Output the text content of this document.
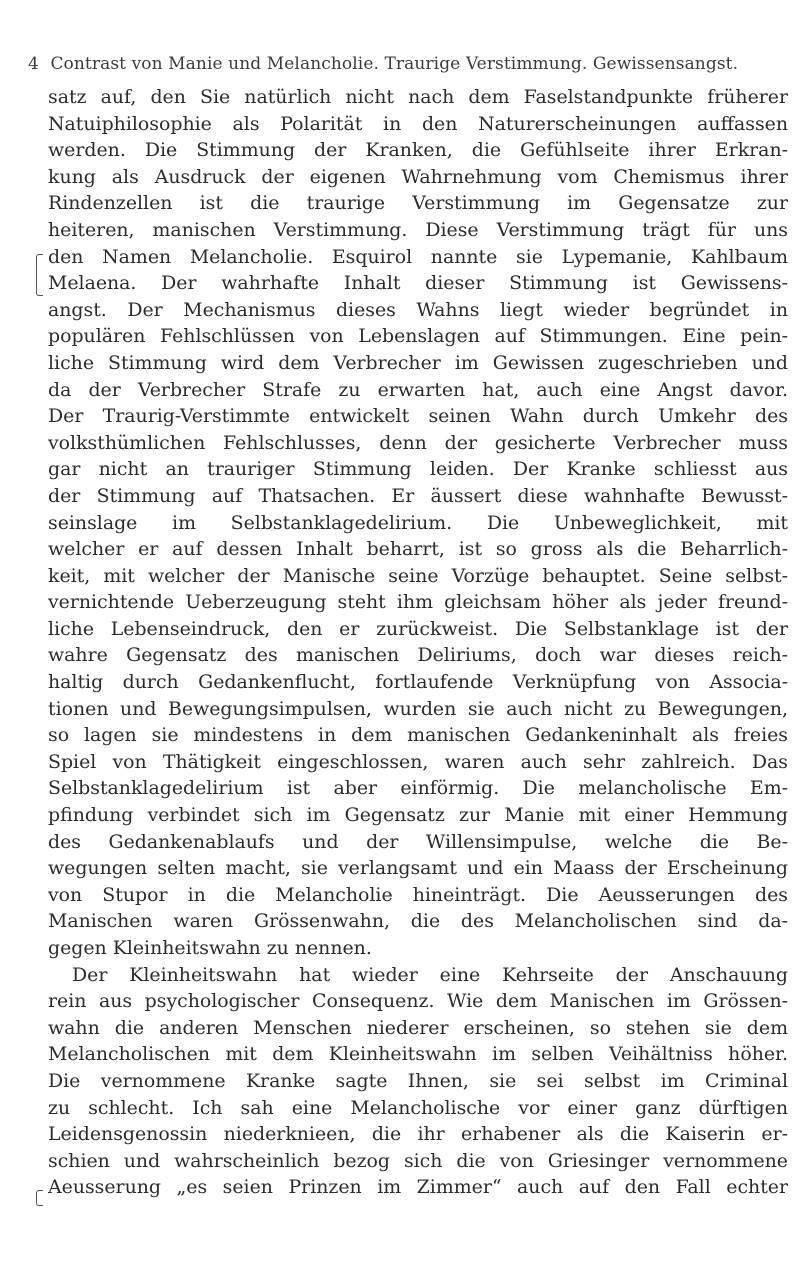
4 Contrast von Manie und Melancholie. Traurige Verstimmung. Gewissensangst.
satz auf, den Sie natürlich nicht nach dem Faselstandpunkte früherer
Natuiphilosophie als Polarität in den Naturerscheinungen auffassen
werden. Die Stimmung der Kranken, die Gefühlseite ihrer Erkran-
kung als Ausdruck der eigenen Wahrnehmung vom Chemismus ihrer
Rindenzellen ist die traurige Verstimmung im Gegensatze zur
heiteren, manischen Verstimmung. Diese Verstimmung trägt für uns
den Namen Melancholie. Esquirol nannte sie Lypemanie, Kahlbaum
Melaena. Der wahrhafte Inhalt dieser Stimmung ist Gewissens-
angst. Der Mechanismus dieses Wahns liegt wieder begründet in
populären Fehlschlüssen von Lebenslagen auf Stimmungen. Eine pein-
liche Stimmung wird dem Verbrecher im Gewissen zugeschrieben und
da der Verbrecher Strafe zu erwarten hat, auch eine Angst davor.
Der Traurig-Verstimmte entwickelt seinen Wahn durch Umkehr des
volksthümlichen Fehlschlusses, denn der gesicherte Verbrecher muss
gar nicht an trauriger Stimmung leiden. Der Kranke schliesst aus
der Stimmung auf Thatsachen. Er äussert diese wahnhafte Bewusst-
seinslage im Selbstanklagedelirium. Die Unbeweglichkeit, mit
welcher er auf dessen Inhalt beharrt, ist so gross als die Beharrlich-
keit, mit welcher der Manische seine Vorzüge behauptet. Seine selbst-
vernichtende Ueberzeugung steht ihm gleichsam höher als jeder freund-
liche Lebenseindruck, den er zurückweist. Die Selbstanklage ist der
wahre Gegensatz des manischen Deliriums, doch war dieses reich-
haltig durch Gedankenflucht, fortlaufende Verknüpfung von Associa-
tionen und Bewegungsimpulsen, wurden sie auch nicht zu Bewegungen,
so lagen sie mindestens in dem manischen Gedankeninhalt als freies
Spiel von Thätigkeit eingeschlossen, waren auch sehr zahlreich. Das
Selbstanklagedelirium ist aber einförmig. Die melancholische Em-
pfindung verbindet sich im Gegensatz zur Manie mit einer Hemmung
des Gedankenablaufs und der Willensimpulse, welche die Be-
wegungen selten macht, sie verlangsamt und ein Maass der Erscheinung
von Stupor in die Melancholie hineinträgt. Die Aeusserungen des
Manischen waren Grössenwahn, die des Melancholischen sind da-
gegen Kleinheitswahn zu nennen.
Der Kleinheitswahn hat wieder eine Kehrseite der Anschauung
rein aus psychologischer Consequenz. Wie dem Manischen im Grössen-
wahn die anderen Menschen niederer erscheinen, so stehen sie dem
Melancholischen mit dem Kleinheitswahn im selben Veihältniss höher.
Die vernommene Kranke sagte Ihnen, sie sei selbst im Criminal
zu schlecht. Ich sah eine Melancholische vor einer ganz dürftigen
Leidensgenossin niederknieen, die ihr erhabener als die Kaiserin er-
schien und wahrscheinlich bezog sich die von Griesinger vernommene
Aeusserung „es seien Prinzen im Zimmer“ auch auf den Fall echter
